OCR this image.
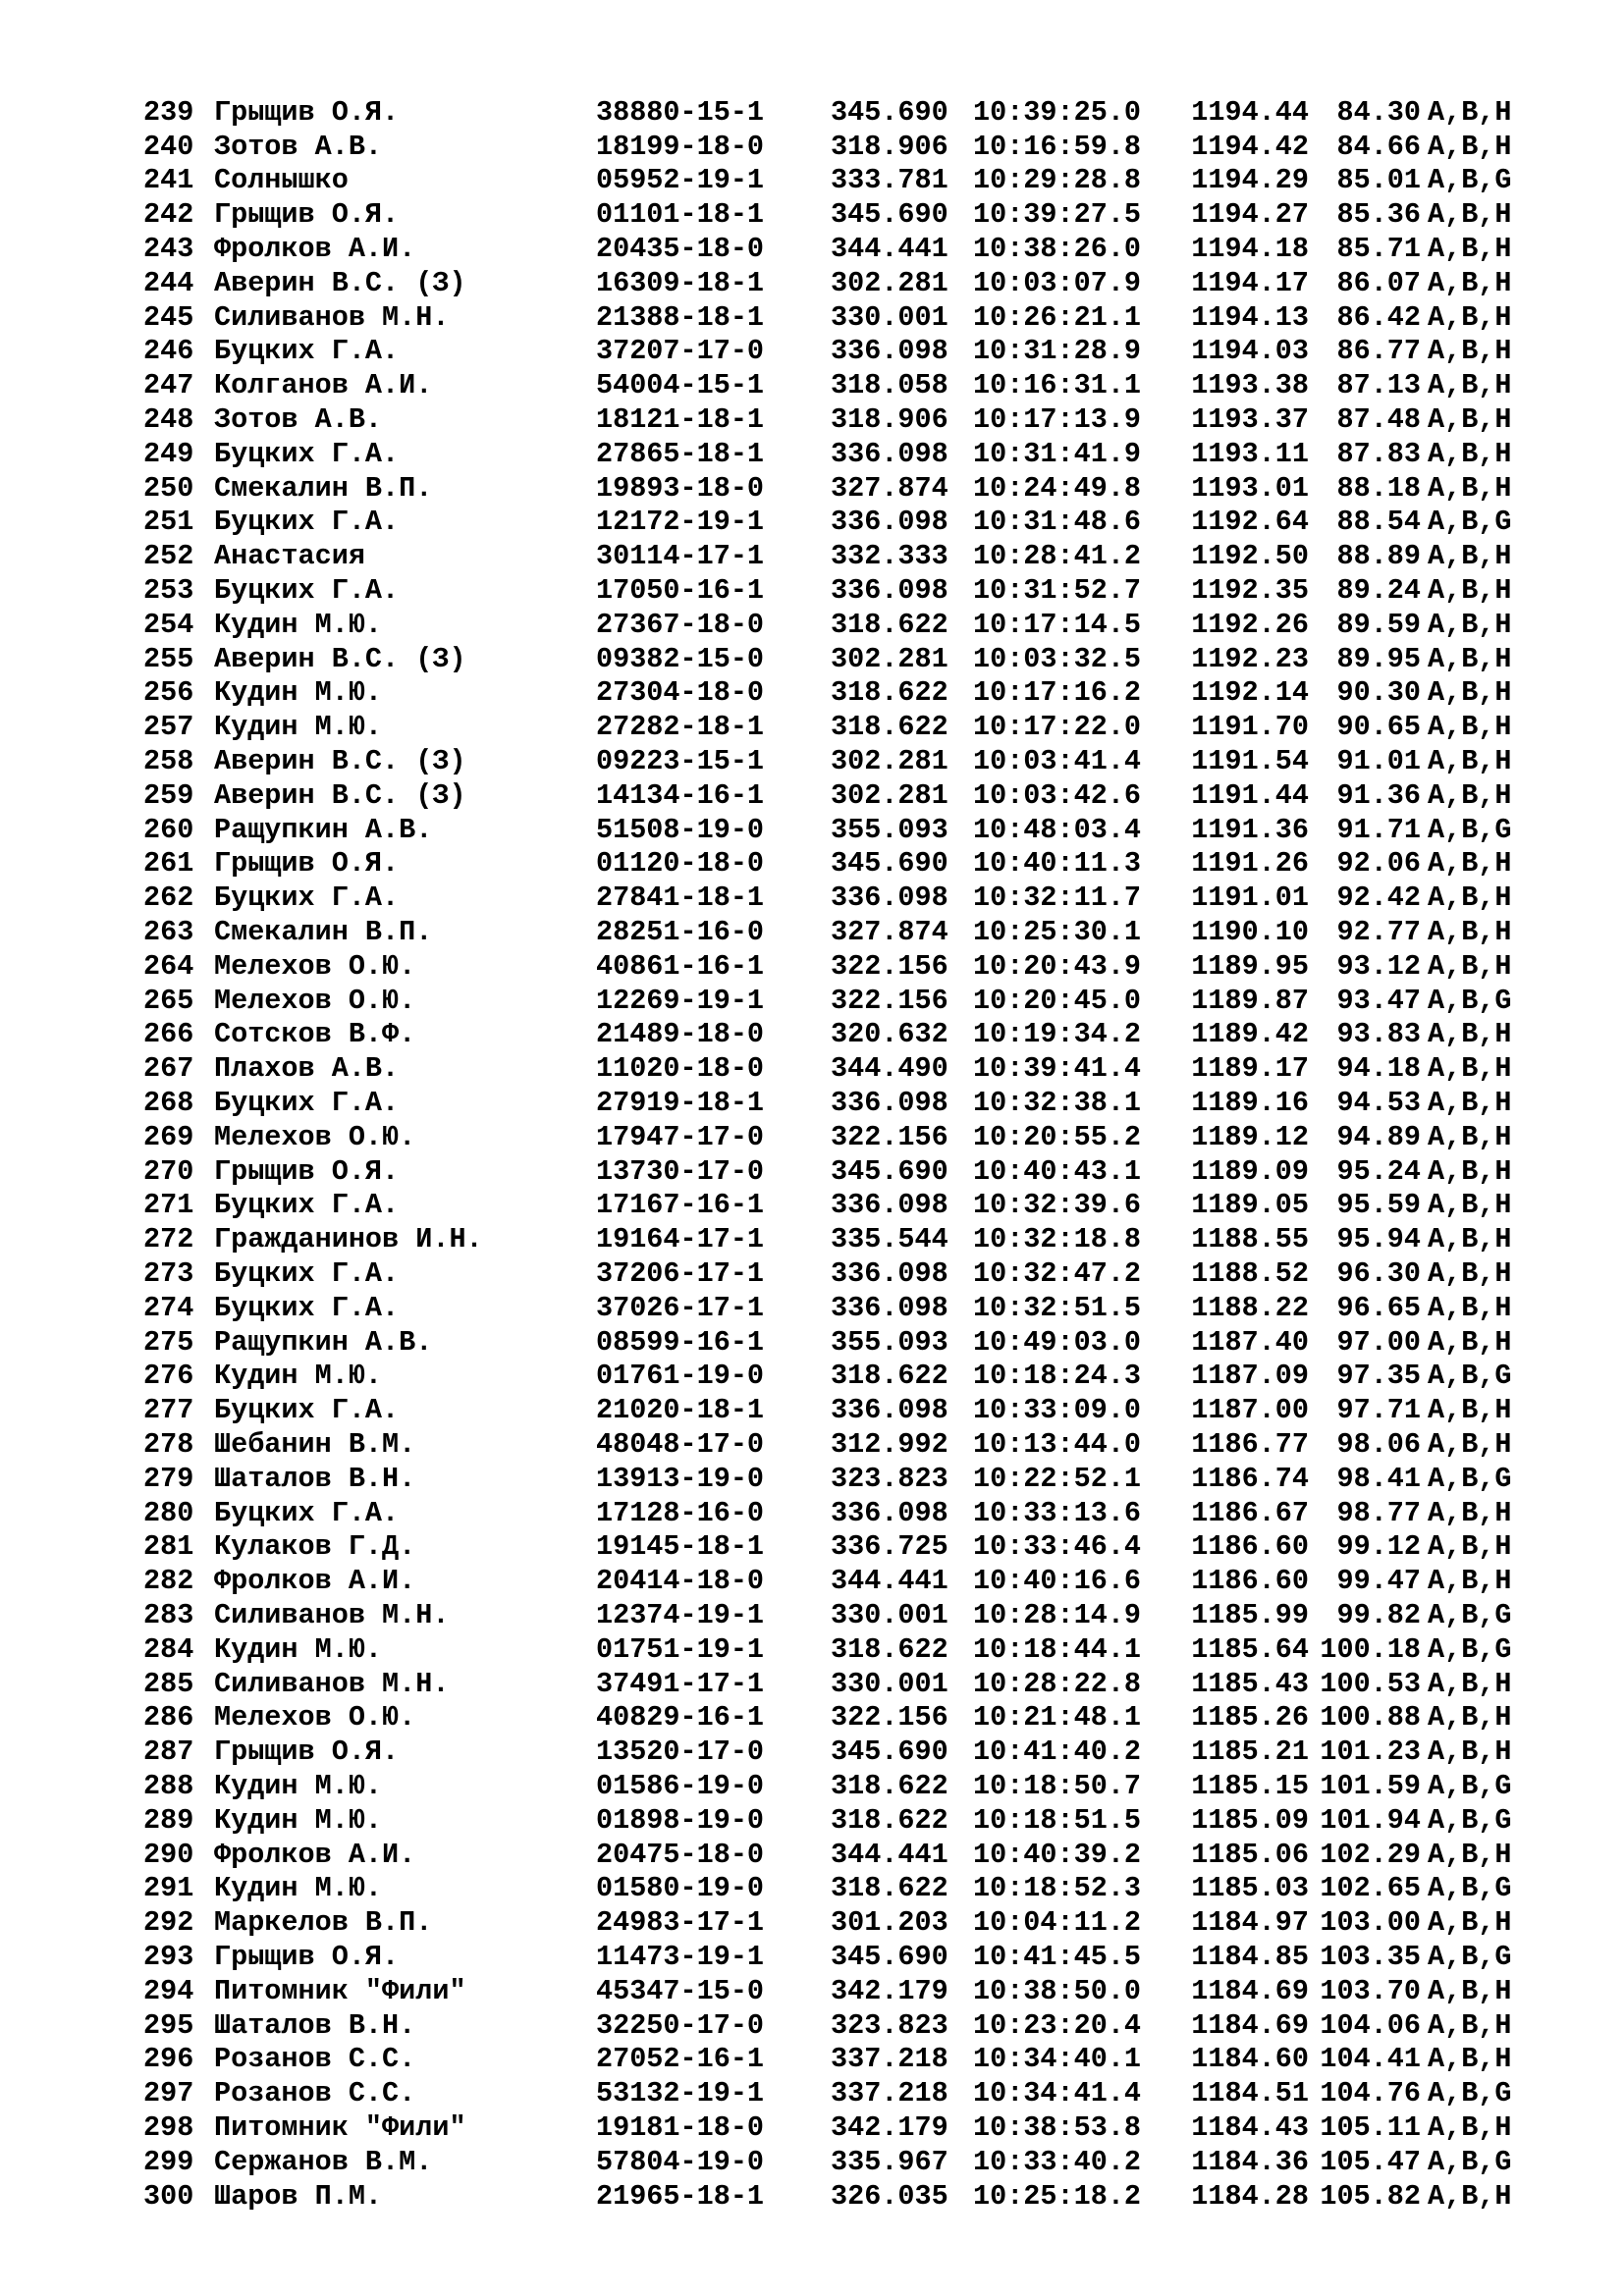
239 Грыщив О.Я.	38880-15-1	345.690 10:39:25.0	1194.44 84.30 A,B,H
240 Зотов А.В.	18199-18-0	318.906 10:16:59.8	1194.42 84.66 A,B,H
241 Солнышко	05952-19-1	333.781 10:29:28.8	1194.29 85.01 A,B,G
242 Грыщив О.Я.	01101-18-1	345.690 10:39:27.5	1194.27 85.36 A,B,H
243 Фролков А.И.	20435-18-0	344.441 10:38:26.0	1194.18 85.71 A,B,H
244 Аверин В.С. (З)	16309-18-1	302.281 10:03:07.9	1194.17 86.07 A,B,H
245 Силиванов М.Н.	21388-18-1	330.001 10:26:21.1	1194.13 86.42 A,B,H
246 Буцких Г.А.	37207-17-0	336.098 10:31:28.9	1194.03 86.77 A,B,H
247 Колганов А.И.	54004-15-1	318.058 10:16:31.1	1193.38 87.13 A,B,H
248 Зотов А.В.	18121-18-1	318.906 10:17:13.9	1193.37 87.48 A,B,H
249 Буцких Г.А.	27865-18-1	336.098 10:31:41.9	1193.11 87.83 A,B,H
250 Смекалин В.П.	19893-18-0	327.874 10:24:49.8	1193.01 88.18 A,B,H
251 Буцких Г.А.	12172-19-1	336.098 10:31:48.6	1192.64 88.54 A,B,G
252 Анастасия	30114-17-1	332.333 10:28:41.2	1192.50 88.89 A,B,H
253 Буцких Г.А.	17050-16-1	336.098 10:31:52.7	1192.35 89.24 A,B,H
254 Кудин М.Ю.	27367-18-0	318.622 10:17:14.5	1192.26 89.59 A,B,H
255 Аверин В.С. (З)	09382-15-0	302.281 10:03:32.5	1192.23 89.95 A,B,H
256 Кудин М.Ю.	27304-18-0	318.622 10:17:16.2	1192.14 90.30 A,B,H
257 Кудин М.Ю.	27282-18-1	318.622 10:17:22.0	1191.70 90.65 A,B,H
258 Аверин В.С. (З)	09223-15-1	302.281 10:03:41.4	1191.54 91.01 A,B,H
259 Аверин В.С. (З)	14134-16-1	302.281 10:03:42.6	1191.44 91.36 A,B,H
260 Ращупкин А.В.	51508-19-0	355.093 10:48:03.4	1191.36 91.71 A,B,G
261 Грыщив О.Я.	01120-18-0	345.690 10:40:11.3	1191.26 92.06 A,B,H
262 Буцких Г.А.	27841-18-1	336.098 10:32:11.7	1191.01 92.42 A,B,H
263 Смекалин В.П.	28251-16-0	327.874 10:25:30.1	1190.10 92.77 A,B,H
264 Мелехов О.Ю.	40861-16-1	322.156 10:20:43.9	1189.95 93.12 A,B,H
265 Мелехов О.Ю.	12269-19-1	322.156 10:20:45.0	1189.87 93.47 A,B,G
266 Сотсков В.Ф.	21489-18-0	320.632 10:19:34.2	1189.42 93.83 A,B,H
267 Плахов А.В.	11020-18-0	344.490 10:39:41.4	1189.17 94.18 A,B,H
268 Буцких Г.А.	27919-18-1	336.098 10:32:38.1	1189.16 94.53 A,B,H
269 Мелехов О.Ю.	17947-17-0	322.156 10:20:55.2	1189.12 94.89 A,B,H
270 Грыщив О.Я.	13730-17-0	345.690 10:40:43.1	1189.09 95.24 A,B,H
271 Буцких Г.А.	17167-16-1	336.098 10:32:39.6	1189.05 95.59 A,B,H
272 Гражданинов И.Н.	19164-17-1	335.544 10:32:18.8	1188.55 95.94 A,B,H
273 Буцких Г.А.	37206-17-1	336.098 10:32:47.2	1188.52 96.30 A,B,H
274 Буцких Г.А.	37026-17-1	336.098 10:32:51.5	1188.22 96.65 A,B,H
275 Ращупкин А.В.	08599-16-1	355.093 10:49:03.0	1187.40 97.00 A,B,H
276 Кудин М.Ю.	01761-19-0	318.622 10:18:24.3	1187.09 97.35 A,B,G
277 Буцких Г.А.	21020-18-1	336.098 10:33:09.0	1187.00 97.71 A,B,H
278 Шебанин В.М.	48048-17-0	312.992 10:13:44.0	1186.77 98.06 A,B,H
279 Шаталов В.Н.	13913-19-0	323.823 10:22:52.1	1186.74 98.41 A,B,G
280 Буцких Г.А.	17128-16-0	336.098 10:33:13.6	1186.67 98.77 A,B,H
281 Кулаков Г.Д.	19145-18-1	336.725 10:33:46.4	1186.60 99.12 A,B,H
282 Фролков А.И.	20414-18-0	344.441 10:40:16.6	1186.60 99.47 A,B,H
283 Силиванов М.Н.	12374-19-1	330.001 10:28:14.9	1185.99 99.82 A,B,G
284 Кудин М.Ю.	01751-19-1	318.622 10:18:44.1	1185.64 100.18 A,B,G
285 Силиванов М.Н.	37491-17-1	330.001 10:28:22.8	1185.43 100.53 A,B,H
286 Мелехов О.Ю.	40829-16-1	322.156 10:21:48.1	1185.26 100.88 A,B,H
287 Грыщив О.Я.	13520-17-0	345.690 10:41:40.2	1185.21 101.23 A,B,H
288 Кудин М.Ю.	01586-19-0	318.622 10:18:50.7	1185.15 101.59 A,B,G
289 Кудин М.Ю.	01898-19-0	318.622 10:18:51.5	1185.09 101.94 A,B,G
290 Фролков А.И.	20475-18-0	344.441 10:40:39.2	1185.06 102.29 A,B,H
291 Кудин М.Ю.	01580-19-0	318.622 10:18:52.3	1185.03 102.65 A,B,G
292 Маркелов В.П.	24983-17-1	301.203 10:04:11.2	1184.97 103.00 A,B,H
293 Грыщив О.Я.	11473-19-1	345.690 10:41:45.5	1184.85 103.35 A,B,G
294 Питомник "Фили"	45347-15-0	342.179 10:38:50.0	1184.69 103.70 A,B,H
295 Шаталов В.Н.	32250-17-0	323.823 10:23:20.4	1184.69 104.06 A,B,H
296 Розанов С.С.	27052-16-1	337.218 10:34:40.1	1184.60 104.41 A,B,H
297 Розанов С.С.	53132-19-1	337.218 10:34:41.4	1184.51 104.76 A,B,G
298 Питомник "Фили"	19181-18-0	342.179 10:38:53.8	1184.43 105.11 A,B,H
299 Сержанов В.М.	57804-19-0	335.967 10:33:40.2	1184.36 105.47 A,B,G
300 Шаров П.М.	21965-18-1	326.035 10:25:18.2	1184.28 105.82 A,B,H
